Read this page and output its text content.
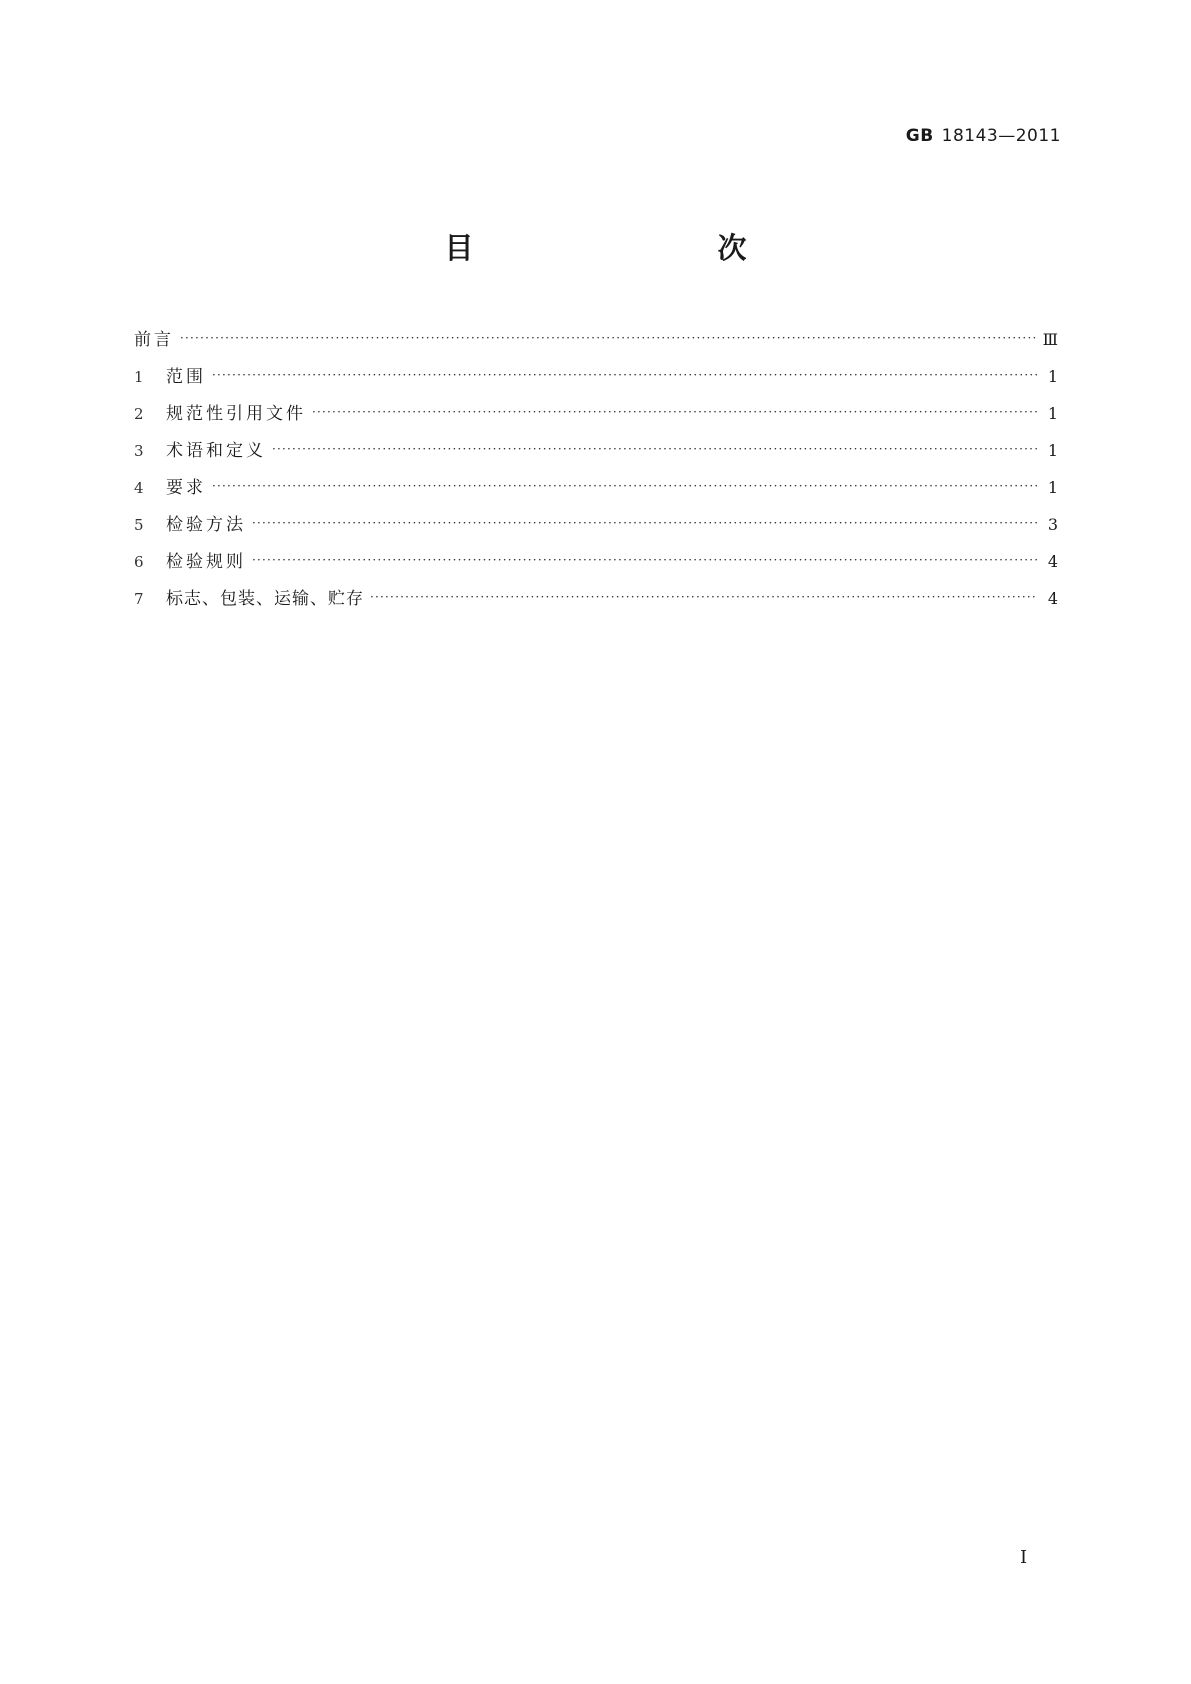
GB 18143—2011
目　　次
前言 ·····	Ⅲ
1	范围 ·····	1
2	规范性引用文件 ·····	1
3	术语和定义 ·····	1
4	要求 ·····	1
5	检验方法 ·····	3
6	检验规则 ·····	4
7	标志、包装、运输、贮存 ·····	4
Ⅰ
